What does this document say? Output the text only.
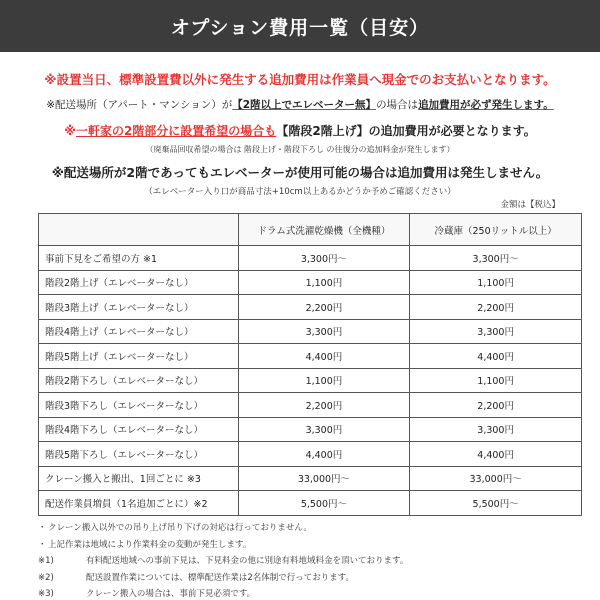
オプション費用一覧（目安）
※設置当日、標準設置費以外に発生する追加費用は作業員へ現金でのお支払いとなります。
※配送場所（アパート・マンション）が【2階以上でエレベーター無】の場合は追加費用が必ず発生します。
※一軒家の2階部分に設置希望の場合も【階段2階上げ】の追加費用が必要となります。
（廃棄品回収希望の場合は 階段上げ・階段下ろし の往復分の追加料金が発生します）
※配送場所が2階であってもエレベーターが使用可能の場合は追加費用は発生しません。
（エレベーター入り口が商品寸法+10cm以上あるかどうか予めご確認ください）
金額は【税込】
	ドラム式洗濯乾燥機（全機種）	冷蔵庫（250リットル以上）
事前下見をご希望の方 ※1	3,300円〜	3,300円〜
階段2階上げ（エレベーターなし）	1,100円	1,100円
階段3階上げ（エレベーターなし）	2,200円	2,200円
階段4階上げ（エレベーターなし）	3,300円	3,300円
階段5階上げ（エレベーターなし）	4,400円	4,400円
階段2階下ろし（エレベーターなし）	1,100円	1,100円
階段3階下ろし（エレベーターなし）	2,200円	2,200円
階段4階下ろし（エレベーターなし）	3,300円	3,300円
階段5階下ろし（エレベーターなし）	4,400円	4,400円
クレーン搬入と搬出、1回ごとに ※3	33,000円〜	33,000円〜
配送作業員増員（1名追加ごとに）※2	5,500円〜	5,500円〜
・ クレーン搬入以外での吊り上げ吊り下げの対応は行っておりません。
・ 上記作業は地域により作業料金の変動が発生します。
※1)	有料配送地域への事前下見は、下見料金の他に別途有料地域料金を頂いております。
※2)	配送設置作業については、標準配送作業は2名体制で行っております。
※3)	クレーン搬入の場合は、事前下見必須です。
